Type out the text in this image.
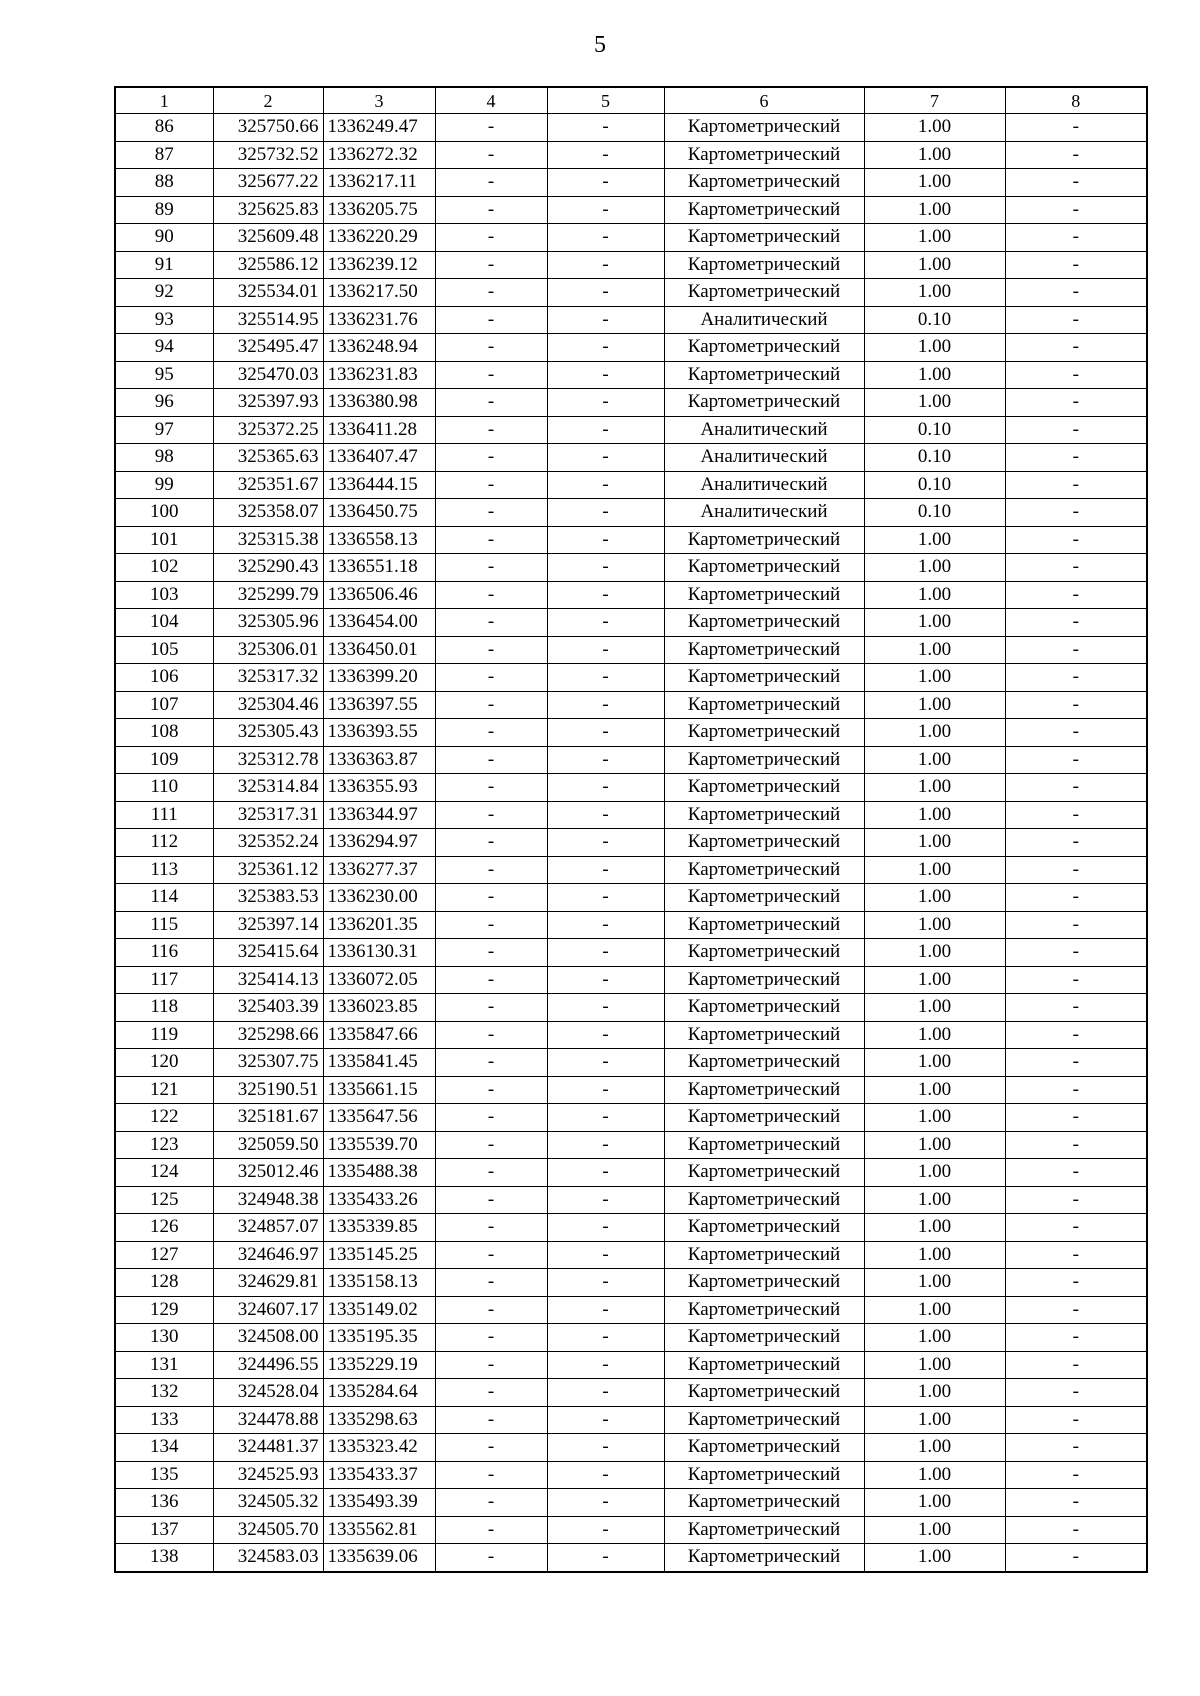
5
1	2	3	4	5	6	7	8
86	325750.66	1336249.47	-	-	Картометрический	1.00	-
87	325732.52	1336272.32	-	-	Картометрический	1.00	-
88	325677.22	1336217.11	-	-	Картометрический	1.00	-
89	325625.83	1336205.75	-	-	Картометрический	1.00	-
90	325609.48	1336220.29	-	-	Картометрический	1.00	-
91	325586.12	1336239.12	-	-	Картометрический	1.00	-
92	325534.01	1336217.50	-	-	Картометрический	1.00	-
93	325514.95	1336231.76	-	-	Аналитический	0.10	-
94	325495.47	1336248.94	-	-	Картометрический	1.00	-
95	325470.03	1336231.83	-	-	Картометрический	1.00	-
96	325397.93	1336380.98	-	-	Картометрический	1.00	-
97	325372.25	1336411.28	-	-	Аналитический	0.10	-
98	325365.63	1336407.47	-	-	Аналитический	0.10	-
99	325351.67	1336444.15	-	-	Аналитический	0.10	-
100	325358.07	1336450.75	-	-	Аналитический	0.10	-
101	325315.38	1336558.13	-	-	Картометрический	1.00	-
102	325290.43	1336551.18	-	-	Картометрический	1.00	-
103	325299.79	1336506.46	-	-	Картометрический	1.00	-
104	325305.96	1336454.00	-	-	Картометрический	1.00	-
105	325306.01	1336450.01	-	-	Картометрический	1.00	-
106	325317.32	1336399.20	-	-	Картометрический	1.00	-
107	325304.46	1336397.55	-	-	Картометрический	1.00	-
108	325305.43	1336393.55	-	-	Картометрический	1.00	-
109	325312.78	1336363.87	-	-	Картометрический	1.00	-
110	325314.84	1336355.93	-	-	Картометрический	1.00	-
111	325317.31	1336344.97	-	-	Картометрический	1.00	-
112	325352.24	1336294.97	-	-	Картометрический	1.00	-
113	325361.12	1336277.37	-	-	Картометрический	1.00	-
114	325383.53	1336230.00	-	-	Картометрический	1.00	-
115	325397.14	1336201.35	-	-	Картометрический	1.00	-
116	325415.64	1336130.31	-	-	Картометрический	1.00	-
117	325414.13	1336072.05	-	-	Картометрический	1.00	-
118	325403.39	1336023.85	-	-	Картометрический	1.00	-
119	325298.66	1335847.66	-	-	Картометрический	1.00	-
120	325307.75	1335841.45	-	-	Картометрический	1.00	-
121	325190.51	1335661.15	-	-	Картометрический	1.00	-
122	325181.67	1335647.56	-	-	Картометрический	1.00	-
123	325059.50	1335539.70	-	-	Картометрический	1.00	-
124	325012.46	1335488.38	-	-	Картометрический	1.00	-
125	324948.38	1335433.26	-	-	Картометрический	1.00	-
126	324857.07	1335339.85	-	-	Картометрический	1.00	-
127	324646.97	1335145.25	-	-	Картометрический	1.00	-
128	324629.81	1335158.13	-	-	Картометрический	1.00	-
129	324607.17	1335149.02	-	-	Картометрический	1.00	-
130	324508.00	1335195.35	-	-	Картометрический	1.00	-
131	324496.55	1335229.19	-	-	Картометрический	1.00	-
132	324528.04	1335284.64	-	-	Картометрический	1.00	-
133	324478.88	1335298.63	-	-	Картометрический	1.00	-
134	324481.37	1335323.42	-	-	Картометрический	1.00	-
135	324525.93	1335433.37	-	-	Картометрический	1.00	-
136	324505.32	1335493.39	-	-	Картометрический	1.00	-
137	324505.70	1335562.81	-	-	Картометрический	1.00	-
138	324583.03	1335639.06	-	-	Картометрический	1.00	-
